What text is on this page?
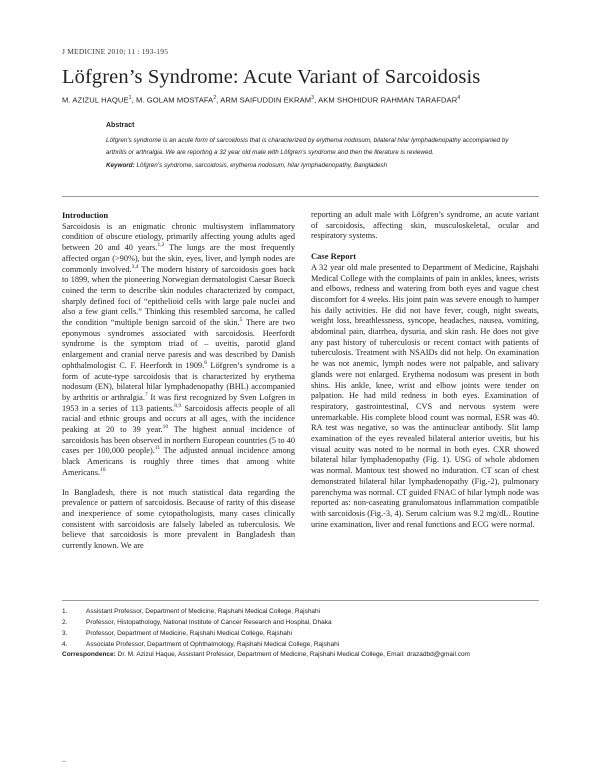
J MEDICINE 2010; 11 : 193-195
Löfgren’s Syndrome: Acute Variant of Sarcoidosis
M. AZIZUL HAQUE$^1$, M. GOLAM MOSTAFA$^2$, ARM SAIFUDDIN EKRAM$^3$, AKM SHOHIDUR RAHMAN TARAFDAR$^4$
Abstract
Löfgren’s syndrome is an acute form of sarcoidosis that is characterized by erythema nodosum, bilateral hilar lymphadenopathy accompanied by arthritis or arthralgia. We are reporting a 32 year old male with Löfgren’s syndrome and then the literature is reviewed.
Keyword: Löfgren’s syndrome, sarcoidosis, erythema nodosum, hilar lymphadenopathy, Bangladesh
Introduction

Sarcoidosis is an enigmatic chronic multisystem inflammatory condition of obscure etiology, primarily affecting young adults aged between 20 and 40 years.$^{1,2}$ The lungs are the most frequently affected organ (>90%), but the skin, eyes, liver, and lymph nodes are commonly involved.$^{3,4}$ The modern history of sarcoidosis goes back to 1899, when the pioneering Norwegian dermatologist Caesar Boeck coined the term to describe skin nodules characterized by compact, sharply defined foci of “epithelioid cells with large pale nuclei and also a few giant cells.” Thinking this resembled sarcoma, he called the condition “multiple benign sarcoid of the skin.$^5$ There are two eponymous syndromes associated with sarcoidosis. Heerfordt syndrome is the symptom triad of – uveitis, parotid gland enlargement and cranial nerve paresis and was described by Danish ophthalmologist C. F. Heerfordt in 1909.$^6$ Löfgren’s syndrome is a form of acute-type sarcoidosis that is characterized by erythema nodosum (EN), bilateral hilar lymphadenopathy (BHL) accompanied by arthritis or arthralgia.$^7$ It was first recognized by Sven Lofgren in 1953 in a series of 113 patients.$^{8,9}$ Sarcoidosis affects people of all racial and ethnic groups and occurs at all ages, with the incidence peaking at 20 to 39 year.$^{10}$ The highest annual incidence of sarcoidosis has been observed in northern European countries (5 to 40 cases per 100,000 people).$^{11}$ The adjusted annual incidence among black Americans is roughly three times that among white Americans.$^{10}$

In Bangladesh, there is not much statistical data regarding the prevalence or pattern of sarcoidosis. Because of rarity of this disease and inexperience of some cytopathologists, many cases clinically consistent with sarcoidosis are falsely labeled as tuberculosis. We believe that sarcoidosis is more prevalent in Bangladesh than currently known. We are

reporting an adult male with Löfgren’s syndrome, an acute variant of sarcoidosis, affecting skin, musculoskeletal, ocular and respiratory systems.

Case Report

A 32 year old male presented to Department of Medicine, Rajshahi Medical College with the complaints of pain in ankles, knees, wrists and elbows, redness and watering from both eyes and vague chest discomfort for 4 weeks. His joint pain was severe enough to hamper his daily activities. He did not have fever, cough, night sweats, weight loss, breathlessness, syncope, headaches, nausea, vomiting, abdominal pain, diarrhea, dysuria, and skin rash. He does not give any past history of tuberculosis or recent contact with patients of tuberculosis. Treatment with NSAIDs did not help. On examination he was not anemic, lymph nodes were not palpable, and salivary glands were not enlarged. Erythema nodosum was present in both shins. His ankle, knee, wrist and elbow joints were tender on palpation. He had mild redness in both eyes. Examination of respiratory, gastrointestinal, CVS and nervous system were unremarkable. His complete blood count was normal, ESR was 40. RA test was negative, so was the antinuclear antibody. Slit lamp examination of the eyes revealed bilateral anterior uveitis, but his visual acuity was noted to be normal in both eyes. CXR showed bilateral hilar lymphadenopathy (Fig. 1). USG of whole abdomen was normal. Mantoux test showed no induration. CT scan of chest demonstrated bilateral hilar lymphadenopathy (Fig.-2), pulmonary parenchyma was normal. CT guided FNAC of hilar lymph node was reported as: non-caseating granulomatous inflammation compatible with sarcoidosis (Fig.-3, 4). Serum calcium was 9.2 mg/dL. Routine urine examination, liver and renal functions and ECG were normal.

1.	Assistant Professor, Department of Medicine, Rajshahi Medical College, Rajshahi
2.	Professor, Histopathology, National Institute of Cancer Research and Hospital, Dhaka
3.	Professor, Department of Medicine, Rajshahi Medical College, Rajshahi
4.	Associate Professor, Department of Ophthalmology, Rajshahi Medical College, Rajshahi
Correspondence: Dr. M. Azizul Haque, Assistant Professor, Department of Medicine, Rajshahi Medical College, Email: drazadbd@gmail.com
–
